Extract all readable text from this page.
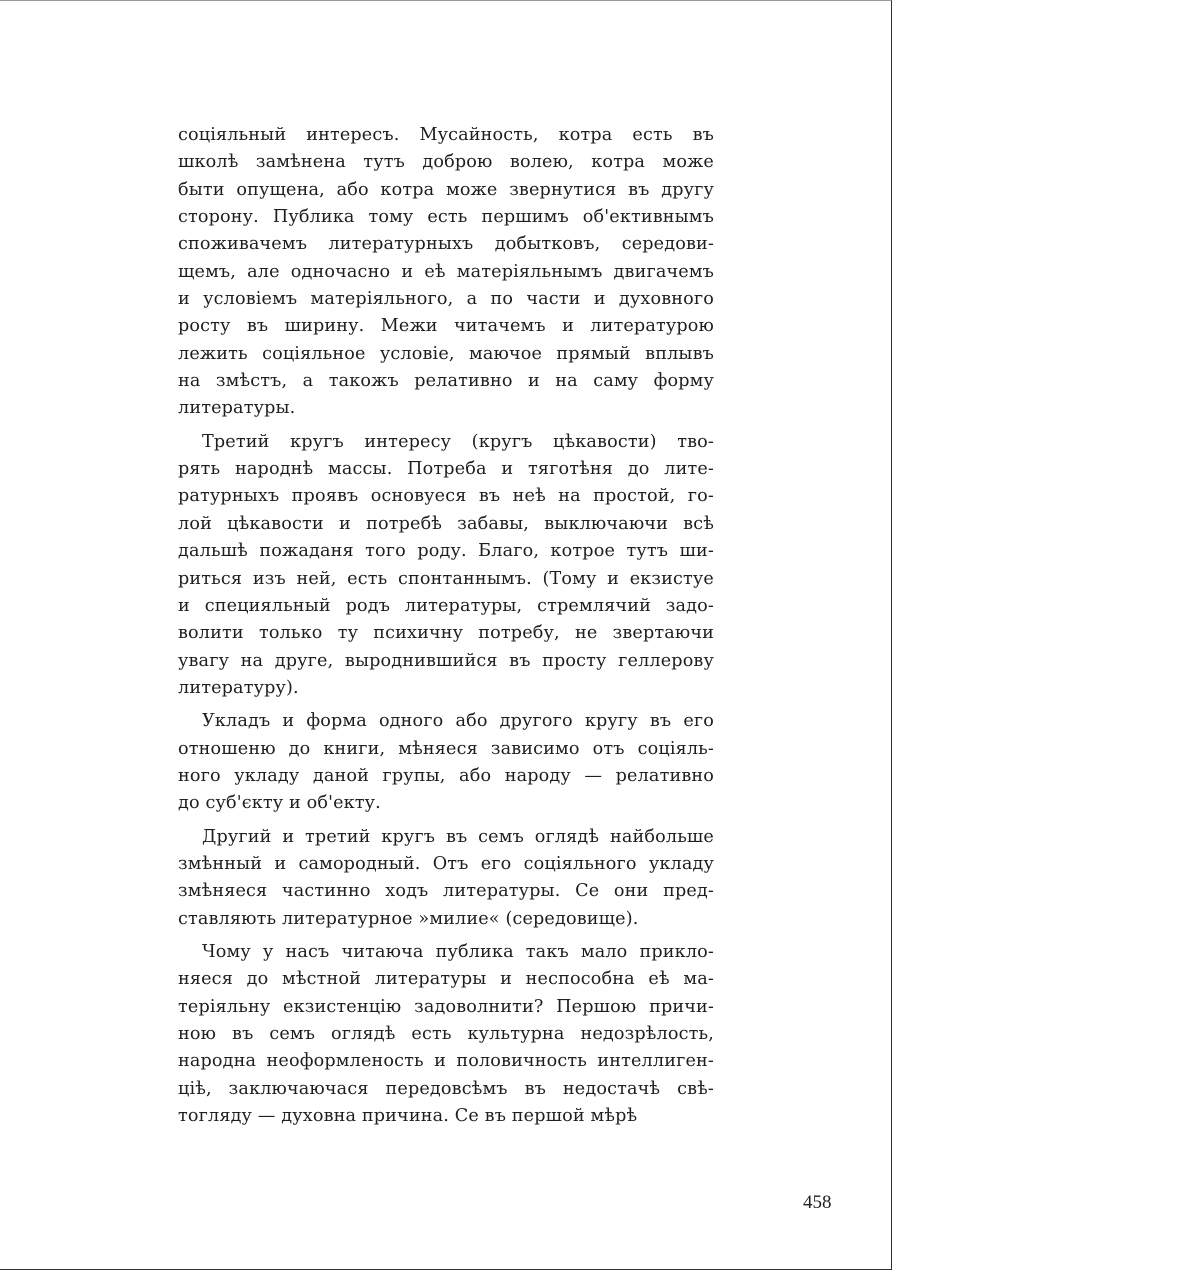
соціяльный интересъ. Мусайность, котра есть въ
школѣ замѣнена тутъ доброю волею, котра може
быти опущена, або котра може звернутися въ другу
сторону. Публика тому есть першимъ об'ективнымъ
споживачемъ литературныхъ добытковъ, середови-
щемъ, але одночасно и еѣ матеріяльнымъ двигачемъ
и условіемъ матеріяльного, а по части и духовного
росту въ ширину. Межи читачемъ и литературою
лежить соціяльное условіе, маючое прямый вплывъ
на змѣстъ, а такожъ релативно и на саму форму
литературы.

Третий кругъ интересу (кругъ цѣкавости) тво-
рять народнѣ массы. Потреба и тяготѣня до лите-
ратурныхъ проявъ основуеся въ неѣ на простой, го-
лой цѣкавости и потребѣ забавы, выключаючи всѣ
дальшѣ пожаданя того роду. Благо, котрое тутъ ши-
риться изъ ней, есть спонтаннымъ. (Тому и екзистуе
и специяльный родъ литературы, стремлячий задо-
волити только ту психичну потребу, не звертаючи
увагу на друге, выроднившийся въ просту геллерову
литературу).

Укладъ и форма одного або другого кругу въ его
отношеню до книги, мѣняеся зависимо отъ соціяль-
ного укладу даной групы, або народу — релативно
до суб'єкту и об'екту.

Другий и третий кругъ въ семъ оглядѣ найбольше
змѣнный и самородный. Отъ его соціяльного укладу
змѣняеся частинно ходъ литературы. Се они пред-
ставляють литературное »милие« (середовище).

Чому у насъ читаюча публика такъ мало прикло-
няеся до мѣстной литературы и неспособна еѣ ма-
теріяльну екзистенцію задоволнити? Першою причи-
ною въ семъ оглядѣ есть культурна недозрѣлость,
народна неоформленость и половичность интеллиген-
ціѣ, заключаючася передовсѣмъ въ недостачѣ свѣ-
тогляду — духовна причина. Се въ першой мѣрѣ

458
